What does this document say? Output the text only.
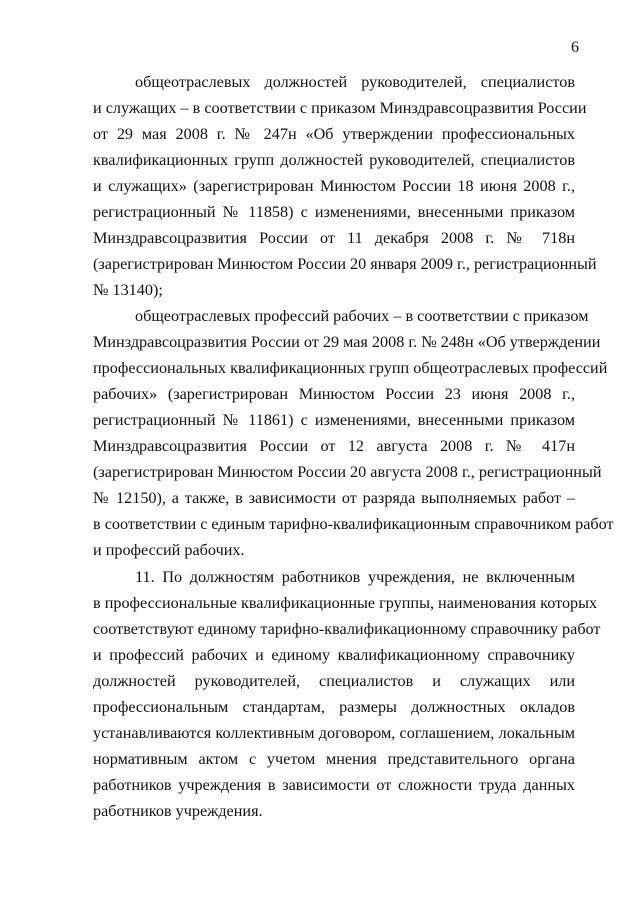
6
общеотраслевых должностей руководителей, специалистов
и служащих – в соответствии с приказом Минздравсоцразвития России
от 29 мая 2008 г. № 247н «Об утверждении профессиональных
квалификационных групп должностей руководителей, специалистов
и служащих» (зарегистрирован Минюстом России 18 июня 2008 г.,
регистрационный № 11858) с изменениями, внесенными приказом
Минздравсоцразвития России от 11 декабря 2008 г. № 718н
(зарегистрирован Минюстом России 20 января 2009 г., регистрационный
№ 13140);
общеотраслевых профессий рабочих – в соответствии с приказом
Минздравсоцразвития России от 29 мая 2008 г. № 248н «Об утверждении
профессиональных квалификационных групп общеотраслевых профессий
рабочих» (зарегистрирован Минюстом России 23 июня 2008 г.,
регистрационный № 11861) с изменениями, внесенными приказом
Минздравсоцразвития России от 12 августа 2008 г. № 417н
(зарегистрирован Минюстом России 20 августа 2008 г., регистрационный
№ 12150), а также, в зависимости от разряда выполняемых работ –
в соответствии с единым тарифно-квалификационным справочником работ
и профессий рабочих.
11. По должностям работников учреждения, не включенным
в профессиональные квалификационные группы, наименования которых
соответствуют единому тарифно-квалификационному справочнику работ
и профессий рабочих и единому квалификационному справочнику
должностей руководителей, специалистов и служащих или
профессиональным стандартам, размеры должностных окладов
устанавливаются коллективным договором, соглашением, локальным
нормативным актом с учетом мнения представительного органа
работников учреждения в зависимости от сложности труда данных
работников учреждения.
